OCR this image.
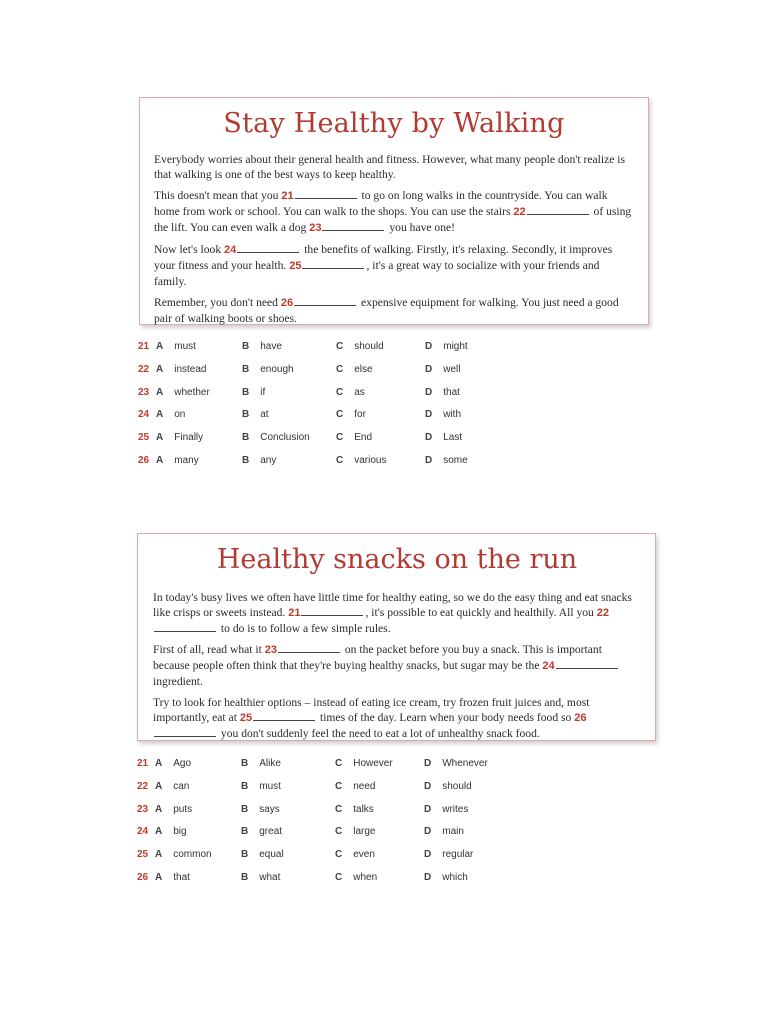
Stay Healthy by Walking

Everybody worries about their general health and fitness. However, what many people don't realize is that walking is one of the best ways to keep healthy.

This doesn't mean that you 21	to go on long walks in the countryside. You can walk home from work or school. You can walk to the shops. You can use the stairs 22	of using the lift. You can even walk a dog 23	you have one!

Now let's look 24	the benefits of walking. Firstly, it's relaxing. Secondly, it improves your fitness and your health. 25	, it's a great way to socialize with your friends and family.

Remember, you don't need 26	expensive equipment for walking. You just need a good pair of walking boots or shoes.

21 A must	B have	C should	D might
22 A instead	B enough	C else	D well
23 A whether	B if	C as	D that
24 A on	B at	C for	D with
25 A Finally	B Conclusion	C End	D Last
26 A many	B any	C various	D some
Healthy snacks on the run

In today's busy lives we often have little time for healthy eating, so we do the easy thing and eat snacks like crisps or sweets instead. 21	, it's possible to eat quickly and healthily. All you 22 to do is to follow a few simple rules.

First of all, read what it 23	on the packet before you buy a snack. This is important because people often think that they're buying healthy snacks, but sugar may be the 24 ingredient.

Try to look for healthier options – instead of eating ice cream, try frozen fruit juices and, most importantly, eat at 25	times of the day. Learn when your body needs food so 26 you don't suddenly feel the need to eat a lot of unhealthy snack food.

21 A Ago	B Alike	C However	D Whenever
22 A can	B must	C need	D should
23 A puts	B says	C talks	D writes
24 A big	B great	C large	D main
25 A common	B equal	C even	D regular
26 A that	B what	C when	D which
